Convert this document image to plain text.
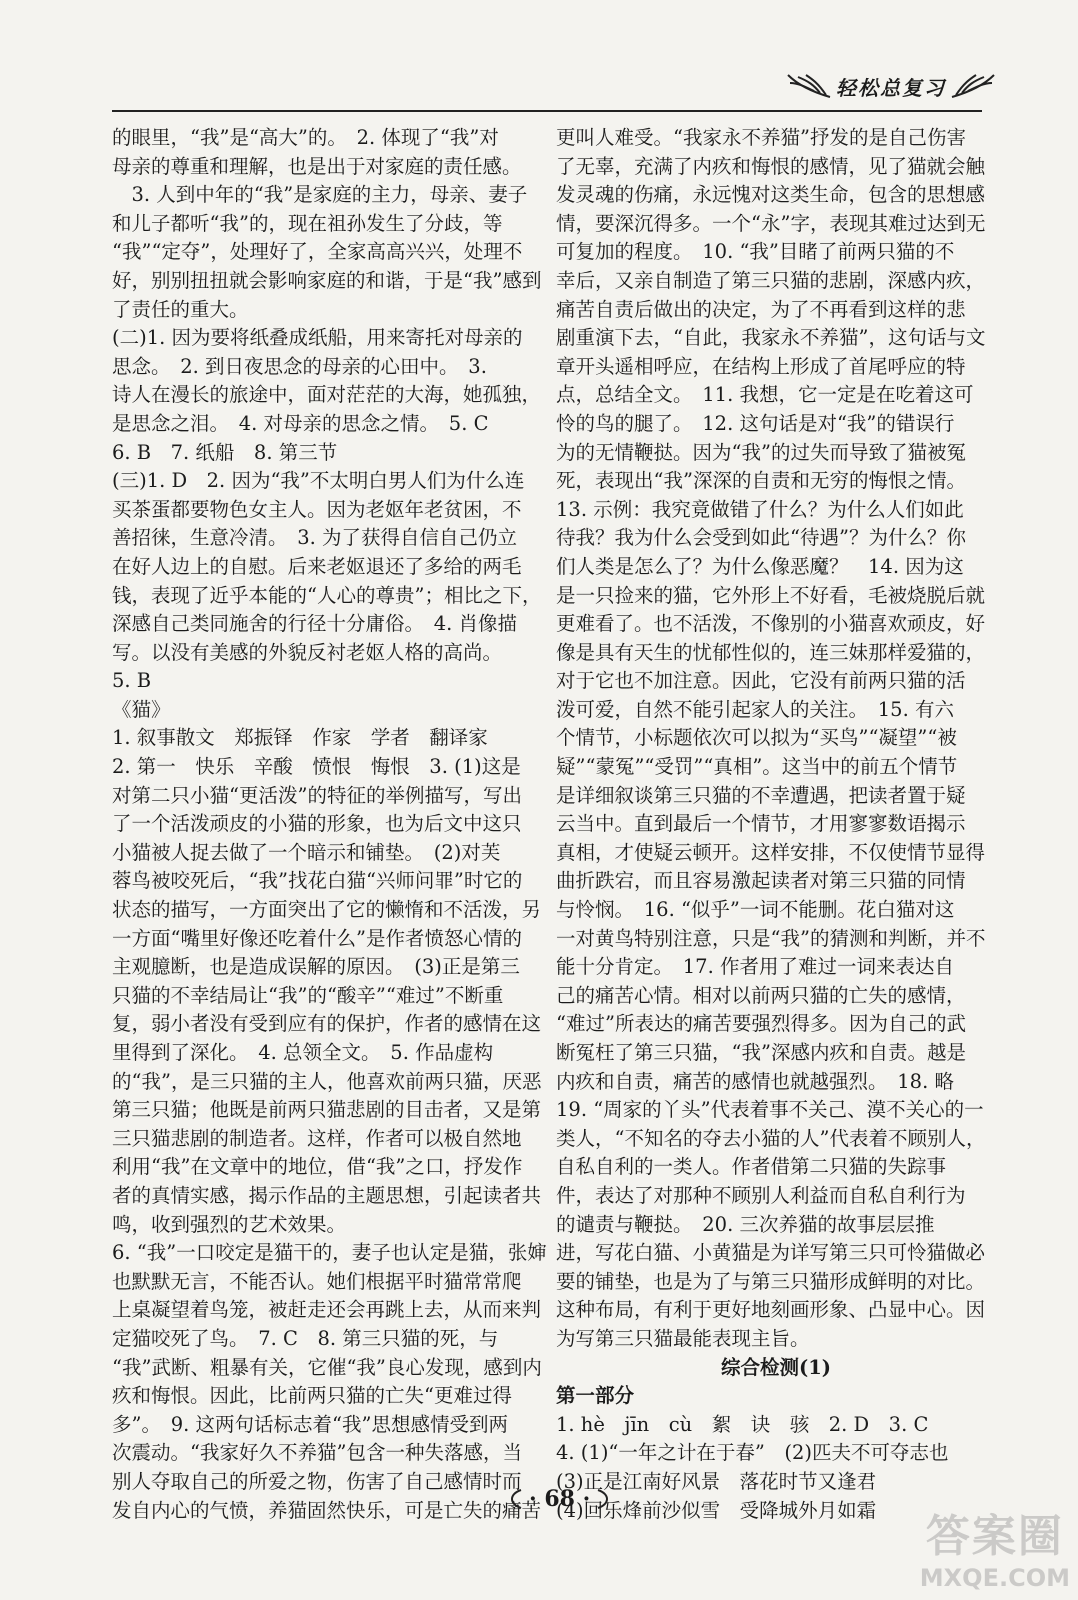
轻松总复习
的眼里，“我”是“高大”的。　2. 体现了“我”对
母亲的尊重和理解，也是出于对家庭的责任感。
　3. 人到中年的“我”是家庭的主力，母亲、妻子
和儿子都听“我”的，现在祖孙发生了分歧，等
“我”“定夺”，处理好了，全家高高兴兴，处理不
好，别别扭扭就会影响家庭的和谐，于是“我”感到
了责任的重大。
(二)1. 因为要将纸叠成纸船，用来寄托对母亲的
思念。　2. 到日夜思念的母亲的心田中。　3.
诗人在漫长的旅途中，面对茫茫的大海，她孤独，
是思念之泪。　4. 对母亲的思念之情。　5. C
6. B　7. 纸船　8. 第三节
(三)1. D　2. 因为“我”不太明白男人们为什么连
买茶蛋都要物色女主人。因为老妪年老贫困，不
善招徕，生意冷清。　3. 为了获得自信自己仍立
在好人边上的自慰。后来老妪退还了多给的两毛
钱，表现了近乎本能的“人心的尊贵”；相比之下，
深感自己类同施舍的行径十分庸俗。　4. 肖像描
写。以没有美感的外貌反衬老妪人格的高尚。
5. B
《猫》
1. 叙事散文　郑振铎　作家　学者　翻译家
2. 第一　快乐　辛酸　愤恨　悔恨　3. (1)这是
对第二只小猫“更活泼”的特征的举例描写，写出
了一个活泼顽皮的小猫的形象，也为后文中这只
小猫被人捉去做了一个暗示和铺垫。　(2)对芙
蓉鸟被咬死后，“我”找花白猫“兴师问罪”时它的
状态的描写，一方面突出了它的懒惰和不活泼，另
一方面“嘴里好像还吃着什么”是作者愤怒心情的
主观臆断，也是造成误解的原因。　(3)正是第三
只猫的不幸结局让“我”的“酸辛”“难过”不断重
复，弱小者没有受到应有的保护，作者的感情在这
里得到了深化。　4. 总领全文。　5. 作品虚构
的“我”，是三只猫的主人，他喜欢前两只猫，厌恶
第三只猫；他既是前两只猫悲剧的目击者，又是第
三只猫悲剧的制造者。这样，作者可以极自然地
利用“我”在文章中的地位，借“我”之口，抒发作
者的真情实感，揭示作品的主题思想，引起读者共
鸣，收到强烈的艺术效果。
6. “我”一口咬定是猫干的，妻子也认定是猫，张婶
也默默无言，不能否认。她们根据平时猫常常爬
上桌凝望着鸟笼，被赶走还会再跳上去，从而来判
定猫咬死了鸟。　7. C　8. 第三只猫的死，与
“我”武断、粗暴有关，它催“我”良心发现，感到内
疚和悔恨。因此，比前两只猫的亡失“更难过得
多”。　9. 这两句话标志着“我”思想感情受到两
次震动。“我家好久不养猫”包含一种失落感，当
别人夺取自己的所爱之物，伤害了自己感情时而
发自内心的气愤，养猫固然快乐，可是亡失的痛苦
更叫人难受。“我家永不养猫”抒发的是自己伤害
了无辜，充满了内疚和悔恨的感情，见了猫就会触
发灵魂的伤痛，永远愧对这类生命，包含的思想感
情，要深沉得多。一个“永”字，表现其难过达到无
可复加的程度。　10. “我”目睹了前两只猫的不
幸后，又亲自制造了第三只猫的悲剧，深感内疚，
痛苦自责后做出的决定，为了不再看到这样的悲
剧重演下去，“自此，我家永不养猫”，这句话与文
章开头遥相呼应，在结构上形成了首尾呼应的特
点，总结全文。　11. 我想，它一定是在吃着这可
怜的鸟的腿了。　12. 这句话是对“我”的错误行
为的无情鞭挞。因为“我”的过失而导致了猫被冤
死，表现出“我”深深的自责和无穷的悔恨之情。
13. 示例：我究竟做错了什么？为什么人们如此
待我？我为什么会受到如此“待遇”？为什么？你
们人类是怎么了？为什么像恶魔？　14. 因为这
是一只捡来的猫，它外形上不好看，毛被烧脱后就
更难看了。也不活泼，不像别的小猫喜欢顽皮，好
像是具有天生的忧郁性似的，连三妹那样爱猫的，
对于它也不加注意。因此，它没有前两只猫的活
泼可爱，自然不能引起家人的关注。　15. 有六
个情节，小标题依次可以拟为“买鸟”“凝望”“被
疑”“蒙冤”“受罚”“真相”。这当中的前五个情节
是详细叙谈第三只猫的不幸遭遇，把读者置于疑
云当中。直到最后一个情节，才用寥寥数语揭示
真相，才使疑云顿开。这样安排，不仅使情节显得
曲折跌宕，而且容易激起读者对第三只猫的同情
与怜悯。　16. “似乎”一词不能删。花白猫对这
一对黄鸟特别注意，只是“我”的猜测和判断，并不
能十分肯定。　17. 作者用了难过一词来表达自
己的痛苦心情。相对以前两只猫的亡失的感情，
“难过”所表达的痛苦要强烈得多。因为自己的武
断冤枉了第三只猫，“我”深感内疚和自责。越是
内疚和自责，痛苦的感情也就越强烈。　18. 略
19. “周家的丫头”代表着事不关己、漠不关心的一
类人，“不知名的夺去小猫的人”代表着不顾别人，
自私自利的一类人。作者借第二只猫的失踪事
件，表达了对那种不顾别人利益而自私自利行为
的谴责与鞭挞。　20. 三次养猫的故事层层推
进，写花白猫、小黄猫是为详写第三只可怜猫做必
要的铺垫，也是为了与第三只猫形成鲜明的对比。
这种布局，有利于更好地刻画形象、凸显中心。因
为写第三只猫最能表现主旨。
综合检测(1)
第一部分
1. hè　jīn　cù　絮　诀　骇　2. D　3. C
4. (1)“一年之计在于春”　(2)匹夫不可夺志也
(3)正是江南好风景　落花时节又逢君
(4)回乐烽前沙似雪　受降城外月如霜
· 68 ·
答案圈
MXQE.COM
